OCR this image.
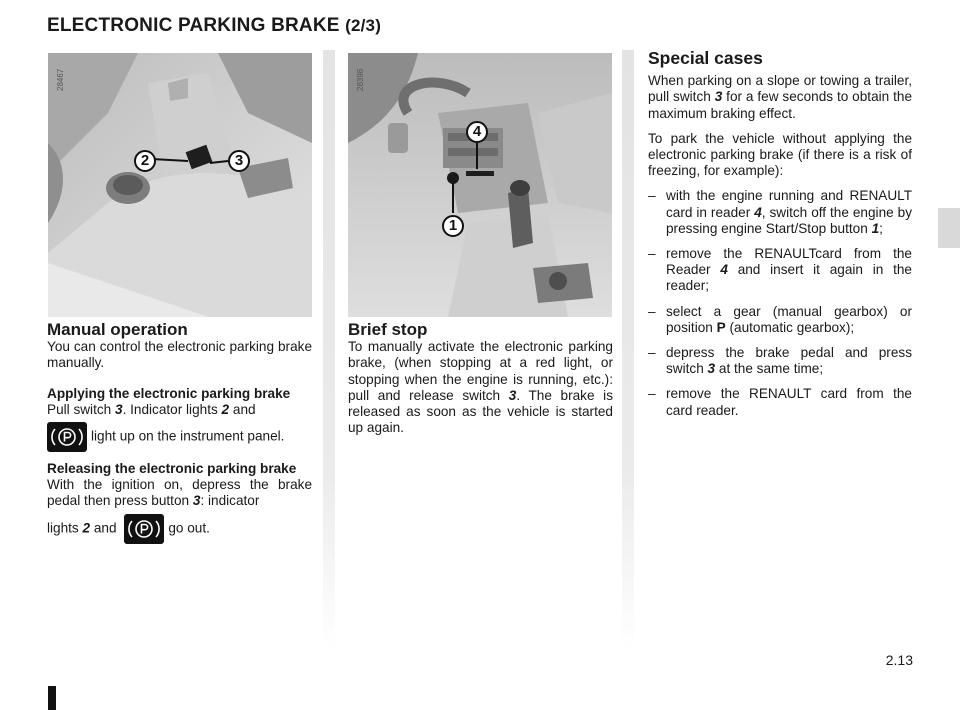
ELECTRONIC PARKING BRAKE (2/3)
28467
2	3
28398
4
1
Manual operation

You can control the electronic parking brake manually.

Applying the electronic parking brake

Pull switch 3. Indicator lights 2 and

light up on the instrument panel.

Releasing the electronic parking brake

With the ignition on, depress the brake pedal then press button 3: indicator

lights 2 and	go out.

Brief stop

To manually activate the electronic parking brake, (when stopping at a red light, or stopping when the engine is running, etc.): pull and release switch 3. The brake is released as soon as the vehicle is started up again.

Special cases

When parking on a slope or towing a trailer, pull switch 3 for a few seconds to obtain the maximum braking effect.

To park the vehicle without applying the electronic parking brake (if there is a risk of freezing, for example):

– with the engine running and RENAULT card in reader 4, switch off the engine by pressing engine Start/Stop button 1;
– remove the RENAULTcard from the Reader 4 and insert it again in the reader;
– select a gear (manual gearbox) or position P (automatic gearbox);
– depress the brake pedal and press switch 3 at the same time;
– remove the RENAULT card from the card reader.
2.13
